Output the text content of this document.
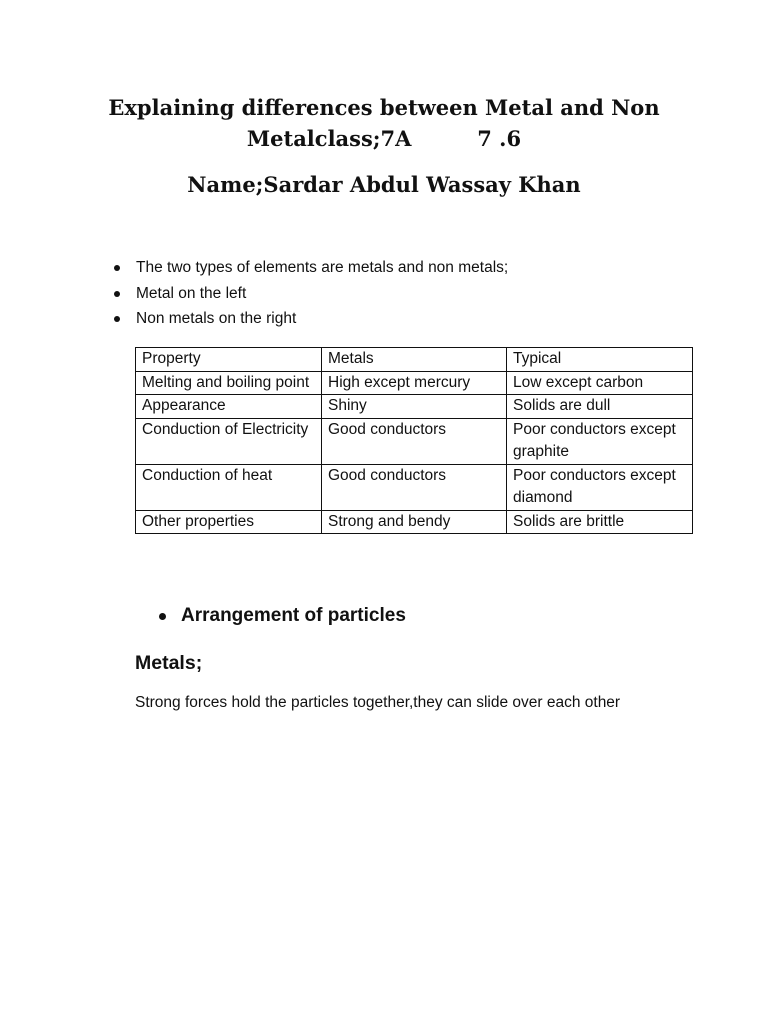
Explaining differences between Metal and Non
Metalclass;7A         7 .6
Name;Sardar Abdul Wassay Khan
The two types of elements are metals and non metals;
Metal on the left
Non metals on the right
Property	Metals	Typical
Melting and boiling point	High except mercury	Low except carbon
Appearance	Shiny	Solids are dull
Conduction of Electricity	Good conductors	Poor conductors except graphite
Conduction of heat	Good conductors	Poor conductors except diamond
Other properties	Strong and bendy	Solids are brittle
Arrangement of particles
Metals;
Strong forces hold the particles together,they can slide over each other
